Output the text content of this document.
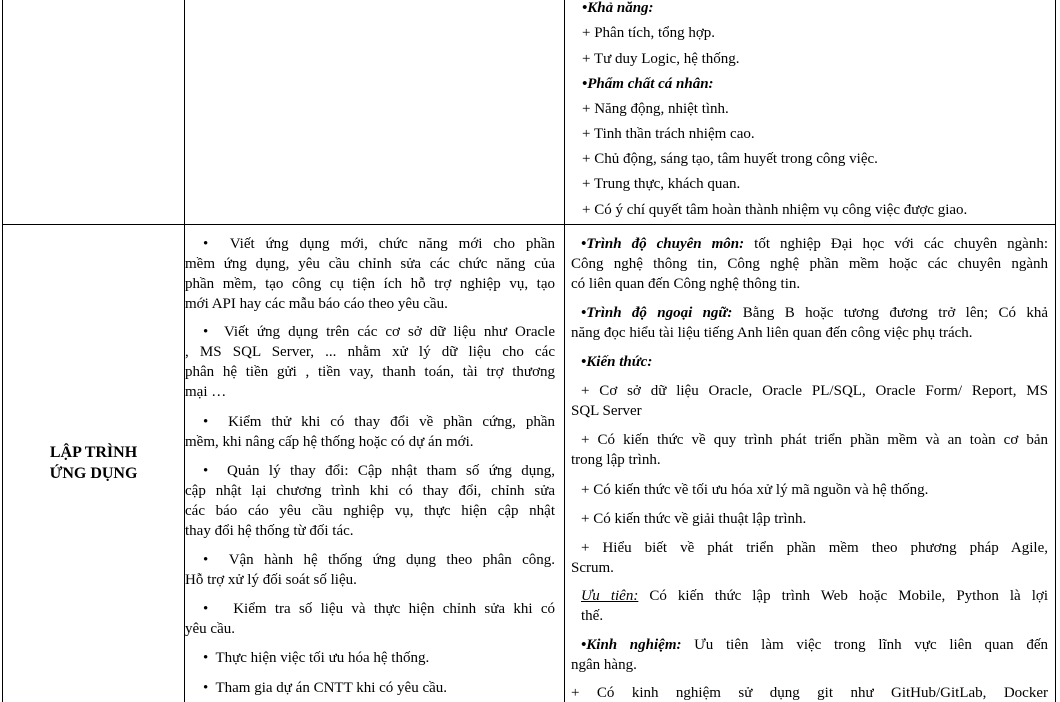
•Khả năng:
+ Phân tích, tổng hợp.
+ Tư duy Logic, hệ thống.
•Phẩm chất cá nhân:
+ Năng động, nhiệt tình.
+ Tinh thần trách nhiệm cao.
+ Chủ động, sáng tạo, tâm huyết trong công việc.
+ Trung thực, khách quan.
+ Có ý chí quyết tâm hoàn thành nhiệm vụ công việc được giao.
LẬP TRÌNH
ỨNG DỤNG
•  Viết ứng dụng mới, chức năng mới cho phần
mềm ứng dụng, yêu cầu chỉnh sửa các chức năng của
phần mềm, tạo công cụ tiện ích hỗ trợ nghiệp vụ, tạo
mới API hay các mẫu báo cáo theo yêu cầu.
•  Viết ứng dụng trên các cơ sở dữ liệu như Oracle
, MS SQL Server, ... nhằm xử lý dữ liệu cho các
phân hệ tiền gửi , tiền vay, thanh toán, tài trợ thương
mại …
•  Kiểm thử khi có thay đổi về phần cứng, phần
mềm, khi nâng cấp hệ thống hoặc có dự án mới.
•  Quản lý thay đổi: Cập nhật tham số ứng dụng,
cập nhật lại chương trình khi có thay đổi, chỉnh sửa
các báo cáo yêu cầu nghiệp vụ, thực hiện cập nhật
thay đổi hệ thống từ đối tác.
•  Vận hành hệ thống ứng dụng theo phân công.
Hỗ trợ xử lý đối soát số liệu.
•   Kiểm tra số liệu và thực hiện chỉnh sửa khi có
yêu cầu.
•  Thực hiện việc tối ưu hóa hệ thống.
•  Tham gia dự án CNTT khi có yêu cầu.
•Trình độ chuyên môn: tốt nghiệp Đại học với các chuyên ngành:
Công nghệ thông tin, Công nghệ phần mềm hoặc các chuyên ngành
có liên quan đến Công nghệ thông tin.
•Trình độ ngoại ngữ: Bằng B hoặc tương đương trở lên; Có khả
năng đọc hiểu tài liệu tiếng Anh liên quan đến công việc phụ trách.
•Kiến thức:
+ Cơ sở dữ liệu Oracle, Oracle PL/SQL, Oracle Form/ Report, MS
SQL Server
+ Có kiến thức về quy trình phát triển phần mềm và an toàn cơ bản
trong lập trình.
+ Có kiến thức về tối ưu hóa xử lý mã nguồn và hệ thống.
+ Có kiến thức về giải thuật lập trình.
+ Hiểu biết về phát triển phần mềm theo phương pháp Agile,
Scrum.
Ưu tiên: Có kiến thức lập trình Web hoặc Mobile, Python là lợi
thế.
•Kinh nghiệm: Ưu tiên làm việc trong lĩnh vực liên quan đến
ngân hàng.
+ Có kinh nghiệm sử dụng git như GitHub/GitLab, Docker
